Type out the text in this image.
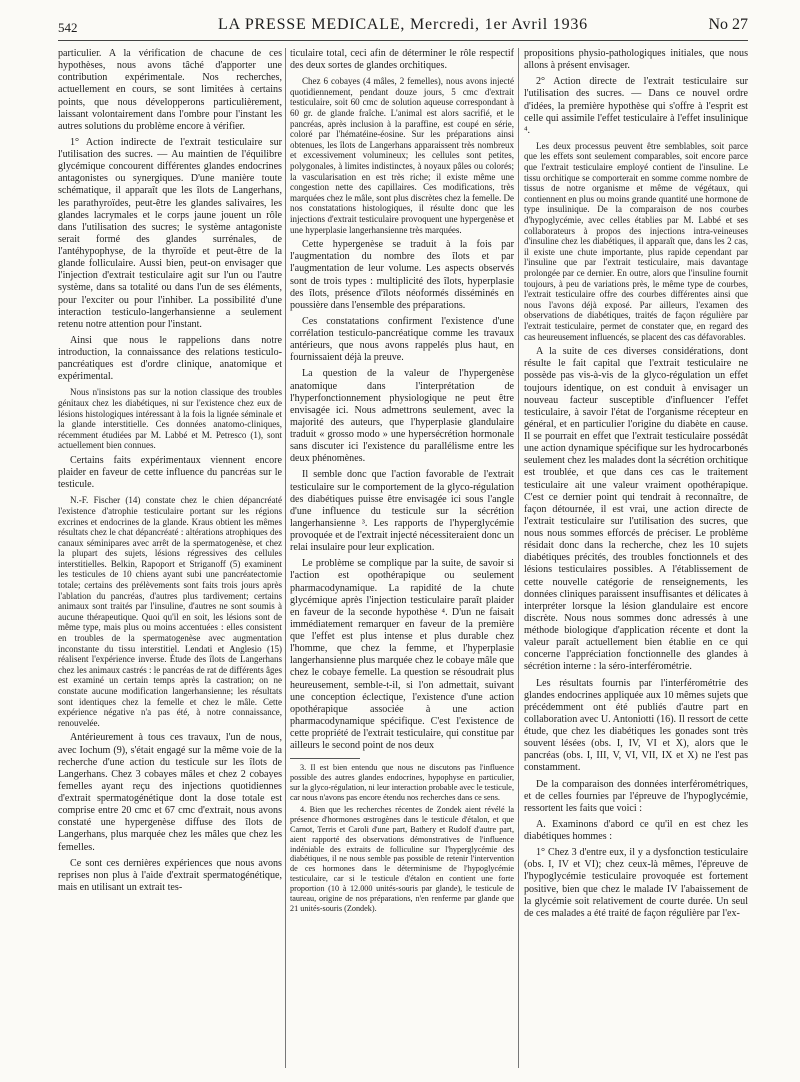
542	LA PRESSE MEDICALE, Mercredi, 1er Avril 1936	No 27

particulier. A la vérification de chacune de ces hypothèses, nous avons tâché d'apporter une contribution expérimentale. Nos recherches, actuellement en cours, se sont limitées à certains points, que nous développerons particulièrement, laissant volontairement dans l'ombre pour l'instant les autres solutions du problème encore à vérifier.

1° Action indirecte de l'extrait testiculaire sur l'utilisation des sucres. — Au maintien de l'équilibre glycémique concourent différentes glandes endocrines antagonistes ou synergiques. D'une manière toute schématique, il apparaît que les îlots de Langerhans, les parathyroïdes, peut-être les glandes salivaires, les glandes lacrymales et le corps jaune jouent un rôle dans l'utilisation des sucres; le système antagoniste serait formé des glandes surrénales, de l'antéhypophyse, de la thyroïde et peut-être de la glande folliculaire. Aussi bien, peut-on envisager que l'injection d'extrait testiculaire agit sur l'un ou l'autre système, dans sa totalité ou dans l'un de ses éléments, pour l'exciter ou pour l'inhiber. La possibilité d'une interaction testiculo-langerhansienne a seulement retenu notre attention pour l'instant.

Ainsi que nous le rappelions dans notre introduction, la connaissance des relations testiculo-pancréatiques est d'ordre clinique, anatomique et expérimental.

Nous n'insistons pas sur la notion classique des troubles génitaux chez les diabétiques, ni sur l'existence chez eux de lésions histologiques intéressant à la fois la lignée séminale et la glande interstitielle. Ces données anatomo-cliniques, récemment étudiées par M. Labbé et M. Petresco (1), sont actuellement bien connues.

Certains faits expérimentaux viennent encore plaider en faveur de cette influence du pancréas sur le testicule.

N.-F. Fischer (14) constate chez le chien dépancréaté l'existence d'atrophie testiculaire portant sur les régions excrines et endocrines de la glande. Kraus obtient les mêmes résultats chez le chat dépancréaté : altérations atrophiques des canaux séminipares avec arrêt de la spermatogenèse, et chez la plupart des sujets, lésions régressives des cellules interstitielles. Belkin, Rapoport et Striganoff (5) examinent les testicules de 10 chiens ayant subi une pancréatectomie totale; certains des prélèvements sont faits trois jours après l'ablation du pancréas, d'autres plus tardivement; certains animaux sont traités par l'insuline, d'autres ne sont soumis à aucune thérapeutique. Quoi qu'il en soit, les lésions sont de même type, mais plus ou moins accentuées : elles consistent en troubles de la spermatogenèse avec augmentation inconstante du tissu interstitiel. Lendati et Anglesio (15) réalisent l'expérience inverse. Étude des îlots de Langerhans chez les animaux castrés : le pancréas de rat de différents âges est examiné un certain temps après la castration; on ne constate aucune modification langerhansienne; les résultats sont identiques chez la femelle et chez le mâle. Cette expérience négative n'a pas été, à notre connaissance, renouvelée.

Antérieurement à tous ces travaux, l'un de nous, avec Iochum (9), s'était engagé sur la même voie de la recherche d'une action du testicule sur les îlots de Langerhans. Chez 3 cobayes mâles et chez 2 cobayes femelles ayant reçu des injections quotidiennes d'extrait spermatogénétique dont la dose totale est comprise entre 20 cmc et 67 cmc d'extrait, nous avons constaté une hypergenèse diffuse des îlots de Langerhans, plus marquée chez les mâles que chez les femelles.

Ce sont ces dernières expériences que nous avons reprises non plus à l'aide d'extrait spermatogénétique, mais en utilisant un extrait tes-

ticulaire total, ceci afin de déterminer le rôle respectif des deux sortes de glandes orchitiques.

Chez 6 cobayes (4 mâles, 2 femelles), nous avons injecté quotidiennement, pendant douze jours, 5 cmc d'extrait testiculaire, soit 60 cmc de solution aqueuse correspondant à 60 gr. de glande fraîche. L'animal est alors sacrifié, et le pancréas, après inclusion à la paraffine, est coupé en série, coloré par l'hématéine-éosine. Sur les préparations ainsi obtenues, les îlots de Langerhans apparaissent très nombreux et excessivement volumineux; les cellules sont petites, polygonales, à limites indistinctes, à noyaux pâles ou colorés; la vascularisation en est très riche; il existe même une congestion nette des capillaires. Ces modifications, très marquées chez le mâle, sont plus discrètes chez la femelle. De nos constatations histologiques, il résulte donc que les injections d'extrait testiculaire provoquent une hypergenèse et une hyperplasie langerhansienne très marquées.

Cette hypergenèse se traduit à la fois par l'augmentation du nombre des îlots et par l'augmentation de leur volume. Les aspects observés sont de trois types : multiplicité des îlots, hyperplasie des îlots, présence d'îlots néoformés disséminés en poussière dans l'ensemble des préparations.

Ces constatations confirment l'existence d'une corrélation testiculo-pancréatique comme les travaux antérieurs, que nous avons rappelés plus haut, en fournissaient déjà la preuve.

La question de la valeur de l'hypergenèse anatomique dans l'interprétation de l'hyperfonctionnement physiologique ne peut être envisagée ici. Nous admettrons seulement, avec la majorité des auteurs, que l'hyperplasie glandulaire traduit « grosso modo » une hypersécrétion hormonale sans discuter ici l'existence du parallélisme entre les deux phénomènes.

Il semble donc que l'action favorable de l'extrait testiculaire sur le comportement de la glyco-régulation des diabétiques puisse être envisagée ici sous l'angle d'une influence du testicule sur la sécrétion langerhansienne ³. Les rapports de l'hyperglycémie provoquée et de l'extrait injecté nécessiteraient donc un relai insulaire pour leur explication.

Le problème se complique par la suite, de savoir si l'action est opothérapique ou seulement pharmacodynamique. La rapidité de la chute glycémique après l'injection testiculaire paraît plaider en faveur de la seconde hypothèse ⁴. D'un ne faisait immédiatement remarquer en faveur de la première que l'effet est plus intense et plus durable chez l'homme, que chez la femme, et l'hyperplasie langerhansienne plus marquée chez le cobaye mâle que chez le cobaye femelle. La question se résoudrait plus heureusement, semble-t-il, si l'on admettait, suivant une conception éclectique, l'existence d'une action opothérapique associée à une action pharmacodynamique spécifique. C'est l'existence de cette propriété de l'extrait testiculaire, qui constitue par ailleurs le second point de nos deux

3. Il est bien entendu que nous ne discutons pas l'influence possible des autres glandes endocrines, hypophyse en particulier, sur la glyco-régulation, ni leur interaction probable avec le testicule, car nous n'avons pas encore étendu nos recherches dans ce sens.

4. Bien que les recherches récentes de Zondek aient révélé la présence d'hormones œstrogènes dans le testicule d'étalon, et que Carnot, Terris et Caroli d'une part, Bathery et Rudolf d'autre part, aient rapporté des observations démonstratives de l'influence indéniable des extraits de folliculine sur l'hyperglycémie des diabétiques, il ne nous semble pas possible de retenir l'intervention de ces hormones dans le déterminisme de l'hypoglycémie testiculaire, car si le testicule d'étalon en contient une forte proportion (10 à 12.000 unités-souris par glande), le testicule de taureau, origine de nos préparations, n'en renferme par glande que 21 unités-souris (Zondek).

propositions physio-pathologiques initiales, que nous allons à présent envisager.

2° Action directe de l'extrait testiculaire sur l'utilisation des sucres. — Dans ce nouvel ordre d'idées, la première hypothèse qui s'offre à l'esprit est celle qui assimile l'effet testiculaire à l'effet insulinique ⁴.

Les deux processus peuvent être semblables, soit parce que les effets sont seulement comparables, soit encore parce que l'extrait testiculaire employé contient de l'insuline. Le tissu orchitique se comporterait en somme comme nombre de tissus de notre organisme et même de végétaux, qui contiennent en plus ou moins grande quantité une hormone de type insulinique. De la comparaison de nos courbes d'hypoglycémie, avec celles établies par M. Labbé et ses collaborateurs à propos des injections intra-veineuses d'insuline chez les diabétiques, il apparaît que, dans les 2 cas, il existe une chute importante, plus rapide cependant par l'insuline que par l'extrait testiculaire, mais davantage prolongée par ce dernier. En outre, alors que l'insuline fournit toujours, à peu de variations près, le même type de courbes, l'extrait testiculaire offre des courbes différentes ainsi que nous l'avons déjà exposé. Par ailleurs, l'examen des observations de diabétiques, traités de façon régulière par l'extrait testiculaire, permet de constater que, en regard des cas heureusement influencés, se placent des cas défavorables.

A la suite de ces diverses considérations, dont résulte le fait capital que l'extrait testiculaire ne possède pas vis-à-vis de la glyco-régulation un effet toujours identique, on est conduit à envisager un nouveau facteur susceptible d'influencer l'effet testiculaire, à savoir l'état de l'organisme récepteur en général, et en particulier l'origine du diabète en cause. Il se pourrait en effet que l'extrait testiculaire possédât une action dynamique spécifique sur les hydrocarbonés seulement chez les malades dont la sécrétion orchitique est troublée, et que dans ces cas le traitement testiculaire ait une valeur vraiment opothérapique. C'est ce dernier point qui tendrait à reconnaître, de façon détournée, il est vrai, une action directe de l'extrait testiculaire sur l'utilisation des sucres, que nous nous sommes efforcés de préciser. Le problème résidait donc dans la recherche, chez les 10 sujets diabétiques précités, des troubles fonctionnels et des lésions testiculaires possibles. A l'établissement de cette nouvelle catégorie de renseignements, les données cliniques paraissent insuffisantes et délicates à interpréter lorsque la lésion glandulaire est encore discrète. Nous nous sommes donc adressés à une méthode biologique d'application récente et dont la valeur paraît actuellement bien établie en ce qui concerne l'appréciation fonctionnelle des glandes à sécrétion interne : la séro-interférométrie.

Les résultats fournis par l'interférométrie des glandes endocrines appliquée aux 10 mêmes sujets que précédemment ont été publiés d'autre part en collaboration avec U. Antoniotti (16). Il ressort de cette étude, que chez les diabétiques les gonades sont très souvent lésées (obs. I, IV, VI et X), alors que le pancréas (obs. I, III, V, VI, VII, IX et X) ne l'est pas constamment.

De la comparaison des données interférométriques, et de celles fournies par l'épreuve de l'hypoglycémie, ressortent les faits que voici :

A. Examinons d'abord ce qu'il en est chez les diabétiques hommes :

1° Chez 3 d'entre eux, il y a dysfonction testiculaire (obs. I, IV et VI); chez ceux-là mêmes, l'épreuve de l'hypoglycémie testiculaire provoquée est fortement positive, bien que chez le malade IV l'abaissement de la glycémie soit relativement de courte durée. Un seul de ces malades a été traité de façon régulière par l'ex-
